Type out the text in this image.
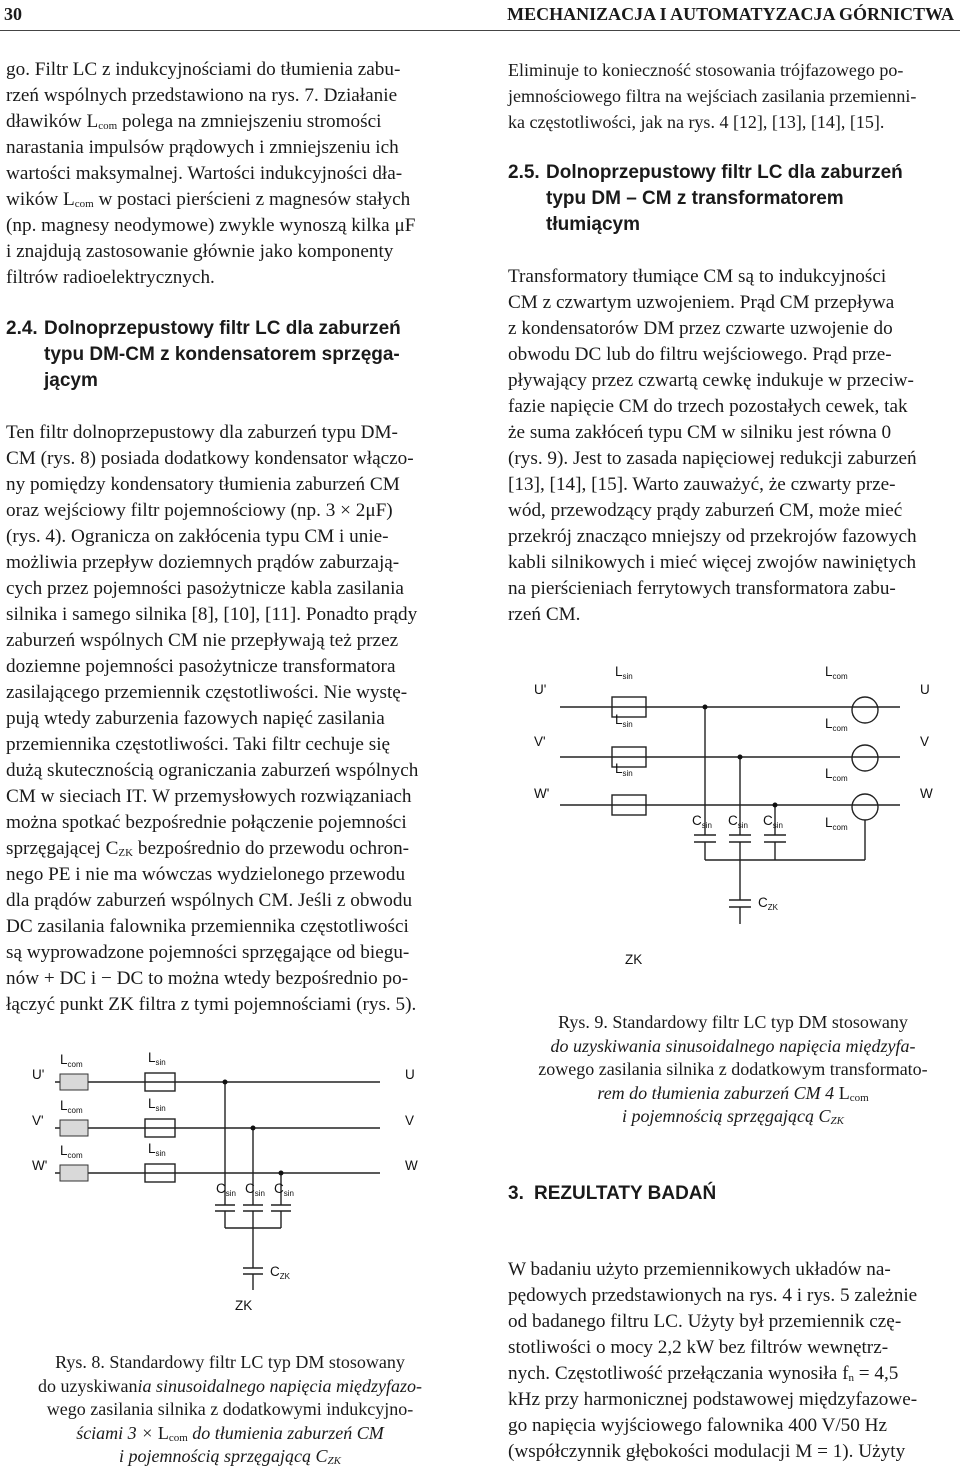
30	MECHANIZACJA I AUTOMATYZACJA GÓRNICTWA

go. Filtr LC z indukcyjnościami do tłumienia zabu-

rzeń wspólnych przedstawiono na rys. 7. Działanie

dławików $L_{com}$ polega na zmniejszeniu stromości

narastania impulsów prądowych i zmniejszeniu ich

wartości maksymalnej. Wartości indukcyjności dła-

wików $L_{com}$ w postaci pierścieni z magnesów stałych

(np. magnesy neodymowe) zwykle wynoszą kilka μF

i znajdują zastosowanie głównie jako komponenty

filtrów radioelektrycznych.

2.4. Dolnoprzepustowy filtr LC dla zaburzeń
typu DM-CM z kondensatorem sprzęga-
jącym

Ten filtr dolnoprzepustowy dla zaburzeń typu DM-

CM (rys. 8) posiada dodatkowy kondensator włączo-

ny pomiędzy kondensatory tłumienia zaburzeń CM

oraz wejściowy filtr pojemnościowy (np. 3 × 2μF)

(rys. 4). Ogranicza on zakłócenia typu CM i unie-

możliwia przepływ doziemnych prądów zaburzają-

cych przez pojemności pasożytnicze kabla zasilania

silnika i samego silnika [8], [10], [11]. Ponadto prądy

zaburzeń wspólnych CM nie przepływają też przez

doziemne pojemności pasożytnicze transformatora

zasilającego przemiennik częstotliwości. Nie wystę-

pują wtedy zaburzenia fazowych napięć zasilania

przemiennika częstotliwości. Taki filtr cechuje się

dużą skutecznością ograniczania zaburzeń wspólnych

CM w sieciach IT. W przemysłowych rozwiązaniach

można spotkać bezpośrednie połączenie pojemności

sprzęgającej $C_{ZK}$ bezpośrednio do przewodu ochron-

nego PE i nie ma wówczas wydzielonego przewodu

dla prądów zaburzeń wspólnych CM. Jeśli z obwodu

DC zasilania falownika przemiennika częstotliwości

są wyprowadzone pojemności sprzęgające od biegu-

nów + DC i − DC to można wtedy bezpośrednio po-

łączyć punkt ZK filtra z tymi pojemnościami (rys. 5).

U'
V'
W'
U
V
W
$L_{com}$
$L_{com}$
$L_{com}$
$L_{sin}$
$L_{sin}$
$L_{sin}$
$C_{sin}$ $C_{sin}$ $C_{sin}$
$C_{ZK}$
ZK
Rys. 8. Standardowy filtr LC typ DM stosowany
do uzyskiwania sinusoidalnego napięcia międzyfazo-
wego zasilania silnika z dodatkowymi indukcyjno-
ściami $3 \times L_{com}$ do tłumienia zaburzeń CM
i pojemnością sprzęgającą $C_{ZK}$

Eliminuje to konieczność stosowania trójfazowego po-

jemnościowego filtra na wejściach zasilania przemienni-

ka częstotliwości, jak na rys. 4 [12], [13], [14], [15].

2.5. Dolnoprzepustowy filtr LC dla zaburzeń
typu DM – CM z transformatorem
tłumiącym

Transformatory tłumiące CM są to indukcyjności

CM z czwartym uzwojeniem. Prąd CM przepływa

z kondensatorów DM przez czwarte uzwojenie do

obwodu DC lub do filtru wejściowego. Prąd prze-

pływający przez czwartą cewkę indukuje w przeciw-

fazie napięcie CM do trzech pozostałych cewek, tak

że suma zakłóceń typu CM w silniku jest równa 0

(rys. 9). Jest to zasada napięciowej redukcji zaburzeń

[13], [14], [15]. Warto zauważyć, że czwarty prze-

wód, przewodzący prądy zaburzeń CM, może mieć

przekrój znacząco mniejszy od przekrojów fazowych

kabli silnikowych i mieć więcej zwojów nawiniętych

na pierścieniach ferrytowych transformatora zabu-

rzeń CM.

U'
V'
W'
U
V
W
$L_{sin}$
$L_{sin}$
$L_{sin}$
$L_{com}$
$L_{com}$
$L_{com}$
$L_{com}$
$C_{sin}$ $C_{sin}$ $C_{sin}$
$C_{ZK}$
ZK
Rys. 9. Standardowy filtr LC typ DM stosowany
do uzyskiwania sinusoidalnego napięcia międzyfa-
zowego zasilania silnika z dodatkowym transformato-
rem do tłumienia zaburzeń CM 4 $L_{com}$
i pojemnością sprzęgającą $C_{ZK}$
3. REZULTATY BADAŃ

W badaniu użyto przemiennikowych układów na-

pędowych przedstawionych na rys. 4 i rys. 5 zależnie

od badanego filtru LC. Użyty był przemiennik czę-

stotliwości o mocy 2,2 kW bez filtrów wewnętrz-

nych. Częstotliwość przełączania wynosiła $f_n = 4,5$

kHz przy harmonicznej podstawowej międzyfazowe-

go napięcia wyjściowego falownika 400 V/50 Hz

(współczynnik głębokości modulacji M = 1). Użyty
